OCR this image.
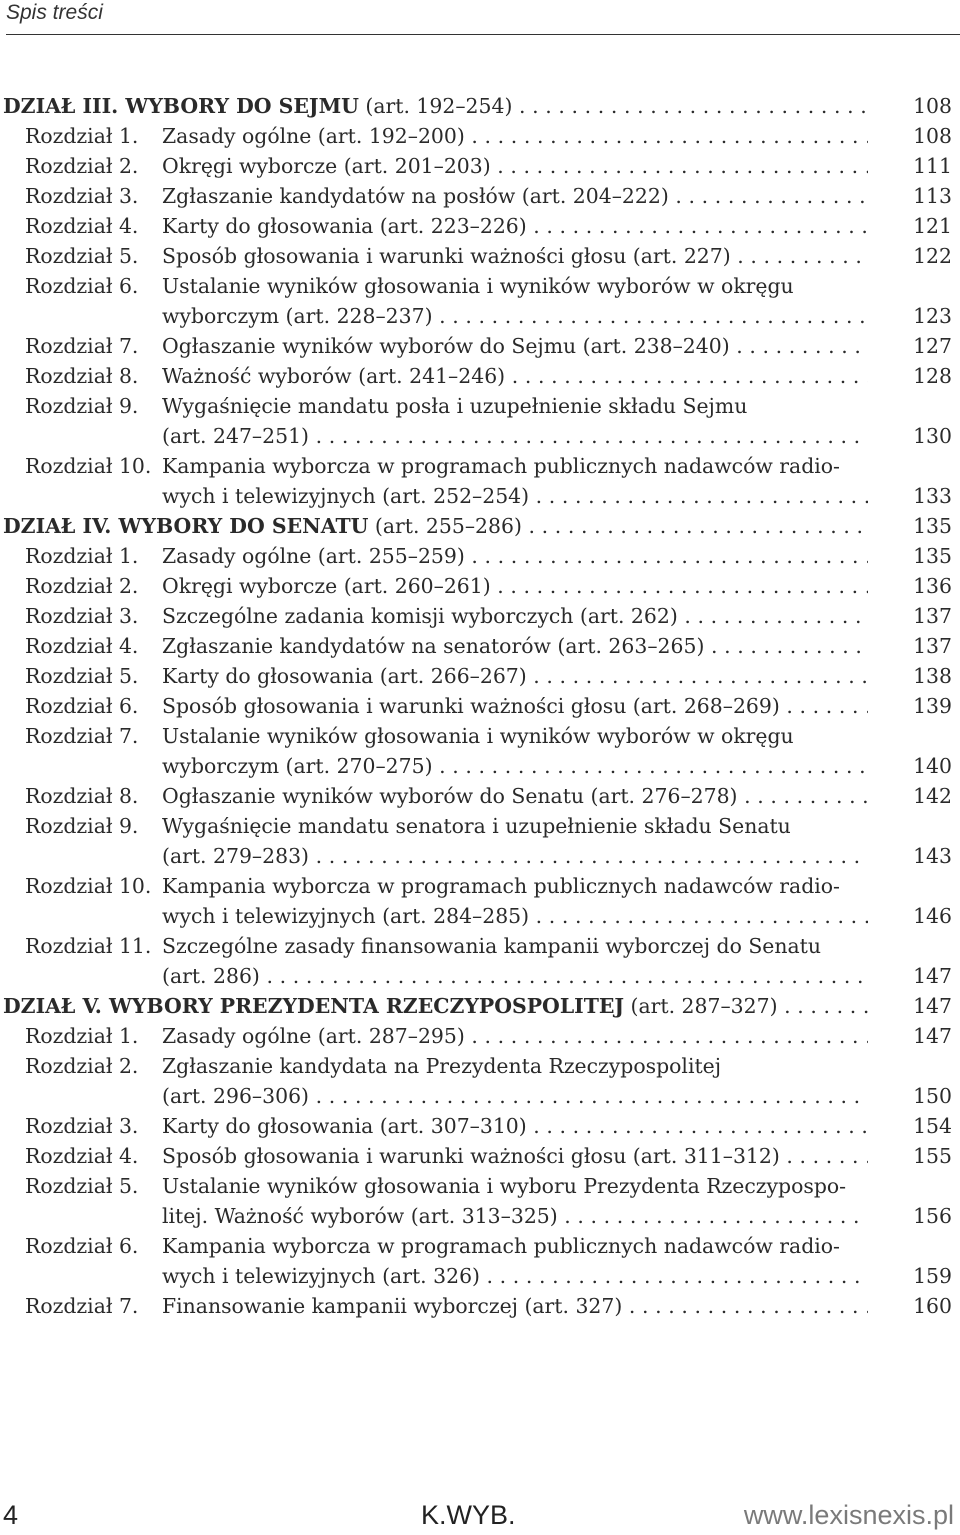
Spis treści
DZIAŁ III. WYBORY DO SEJMU (art. 192–254) . . .	108
Rozdział 1. Zasady ogólne (art. 192–200) . . .	108
Rozdział 2. Okręgi wyborcze (art. 201–203) . . .	111
Rozdział 3. Zgłaszanie kandydatów na posłów (art. 204–222) . . .	113
Rozdział 4. Karty do głosowania (art. 223–226) . . .	121
Rozdział 5. Sposób głosowania i warunki ważności głosu (art. 227) . . .	122
Rozdział 6. Ustalanie wyników głosowania i wyników wyborów w okręgu
wyborczym (art. 228–237) . . .	123
Rozdział 7. Ogłaszanie wyników wyborów do Sejmu (art. 238–240) . . .	127
Rozdział 8. Ważność wyborów (art. 241–246) . . .	128
Rozdział 9. Wygaśnięcie mandatu posła i uzupełnienie składu Sejmu
(art. 247–251) . . .	130
Rozdział 10. Kampania wyborcza w programach publicznych nadawców radio-
wych i telewizyjnych (art. 252–254) . . .	133
DZIAŁ IV. WYBORY DO SENATU (art. 255–286) . . .	135
Rozdział 1. Zasady ogólne (art. 255–259) . . .	135
Rozdział 2. Okręgi wyborcze (art. 260–261) . . .	136
Rozdział 3. Szczególne zadania komisji wyborczych (art. 262) . . .	137
Rozdział 4. Zgłaszanie kandydatów na senatorów (art. 263–265) . . .	137
Rozdział 5. Karty do głosowania (art. 266–267) . . .	138
Rozdział 6. Sposób głosowania i warunki ważności głosu (art. 268–269) . . .	139
Rozdział 7. Ustalanie wyników głosowania i wyników wyborów w okręgu
wyborczym (art. 270–275) . . .	140
Rozdział 8. Ogłaszanie wyników wyborów do Senatu (art. 276–278) . . .	142
Rozdział 9. Wygaśnięcie mandatu senatora i uzupełnienie składu Senatu
(art. 279–283) . . .	143
Rozdział 10. Kampania wyborcza w programach publicznych nadawców radio-
wych i telewizyjnych (art. 284–285) . . .	146
Rozdział 11. Szczególne zasady finansowania kampanii wyborczej do Senatu
(art. 286) . . .	147
DZIAŁ V. WYBORY PREZYDENTA RZECZYPOSPOLITEJ (art. 287–327) . . .	147
Rozdział 1. Zasady ogólne (art. 287–295) . . .	147
Rozdział 2. Zgłaszanie kandydata na Prezydenta Rzeczypospolitej
(art. 296–306) . . .	150
Rozdział 3. Karty do głosowania (art. 307–310) . . .	154
Rozdział 4. Sposób głosowania i warunki ważności głosu (art. 311–312) . . .	155
Rozdział 5. Ustalanie wyników głosowania i wyboru Prezydenta Rzeczypospo-
litej. Ważność wyborów (art. 313–325) . . .	156
Rozdział 6. Kampania wyborcza w programach publicznych nadawców radio-
wych i telewizyjnych (art. 326) . . .	159
Rozdział 7. Finansowanie kampanii wyborczej (art. 327) . . .	160
4	K.WYB.	www.lexisnexis.pl
